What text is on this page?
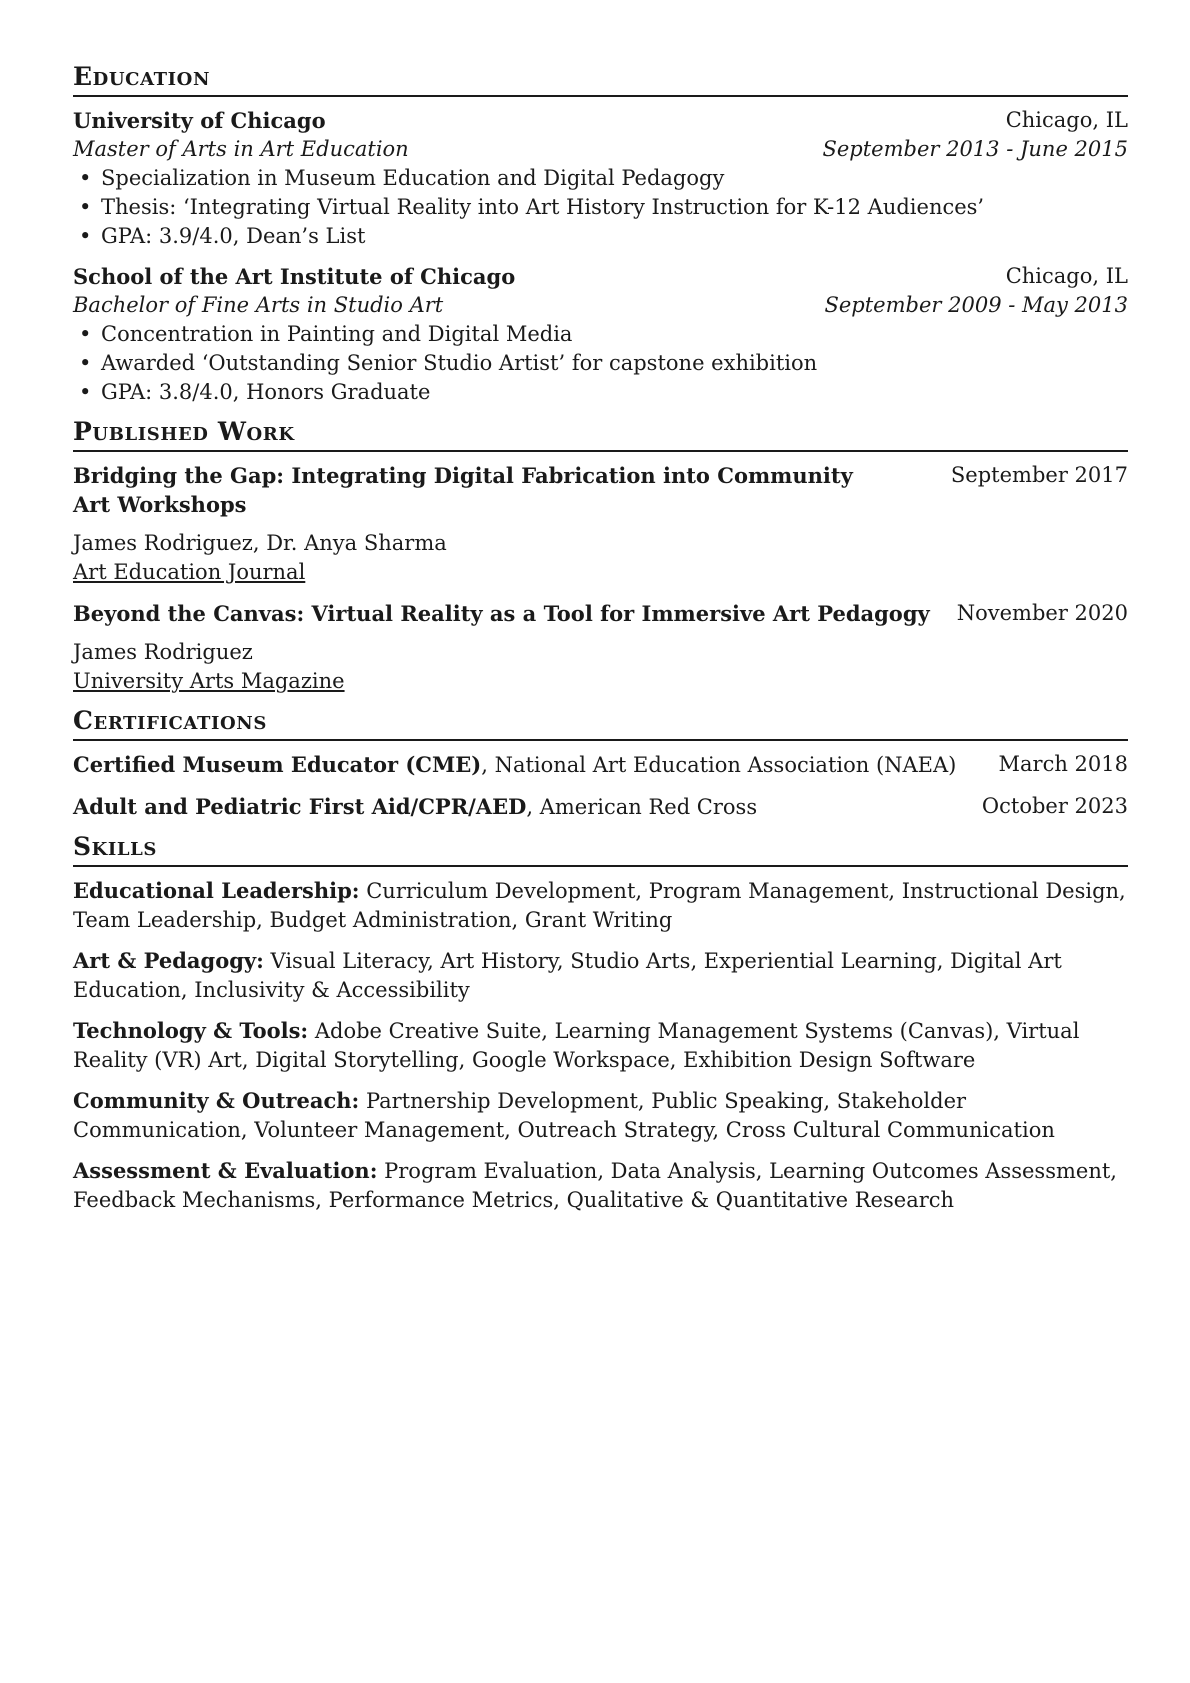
Education
University of Chicago	Chicago, IL
Master of Arts in Art Education	September 2013 - June 2015
• Specialization in Museum Education and Digital Pedagogy
• Thesis: ‘Integrating Virtual Reality into Art History Instruction for K-12 Audiences’
• GPA: 3.9/4.0, Dean’s List
School of the Art Institute of Chicago	Chicago, IL
Bachelor of Fine Arts in Studio Art	September 2009 - May 2013
• Concentration in Painting and Digital Media
• Awarded ‘Outstanding Senior Studio Artist’ for capstone exhibition
• GPA: 3.8/4.0, Honors Graduate
Published Work
Bridging the Gap: Integrating Digital Fabrication into Community Art Workshops
September 2017
James Rodriguez, Dr. Anya Sharma
Art Education Journal
Beyond the Canvas: Virtual Reality as a Tool for Immersive Art Pedagogy	November 2020
James Rodriguez
University Arts Magazine
Certifications
Certified Museum Educator (CME), National Art Education Association (NAEA)	March 2018
Adult and Pediatric First Aid/CPR/AED, American Red Cross	October 2023
Skills
Educational Leadership: Curriculum Development, Program Management, Instructional Design, Team Leadership, Budget Administration, Grant Writing
Art & Pedagogy: Visual Literacy, Art History, Studio Arts, Experiential Learning, Digital Art Education, Inclusivity & Accessibility
Technology & Tools: Adobe Creative Suite, Learning Management Systems (Canvas), Virtual Reality (VR) Art, Digital Storytelling, Google Workspace, Exhibition Design Software
Community & Outreach: Partnership Development, Public Speaking, Stakeholder Communication, Volunteer Management, Outreach Strategy, Cross Cultural Communication
Assessment & Evaluation: Program Evaluation, Data Analysis, Learning Outcomes Assessment, Feedback Mechanisms, Performance Metrics, Qualitative & Quantitative Research
